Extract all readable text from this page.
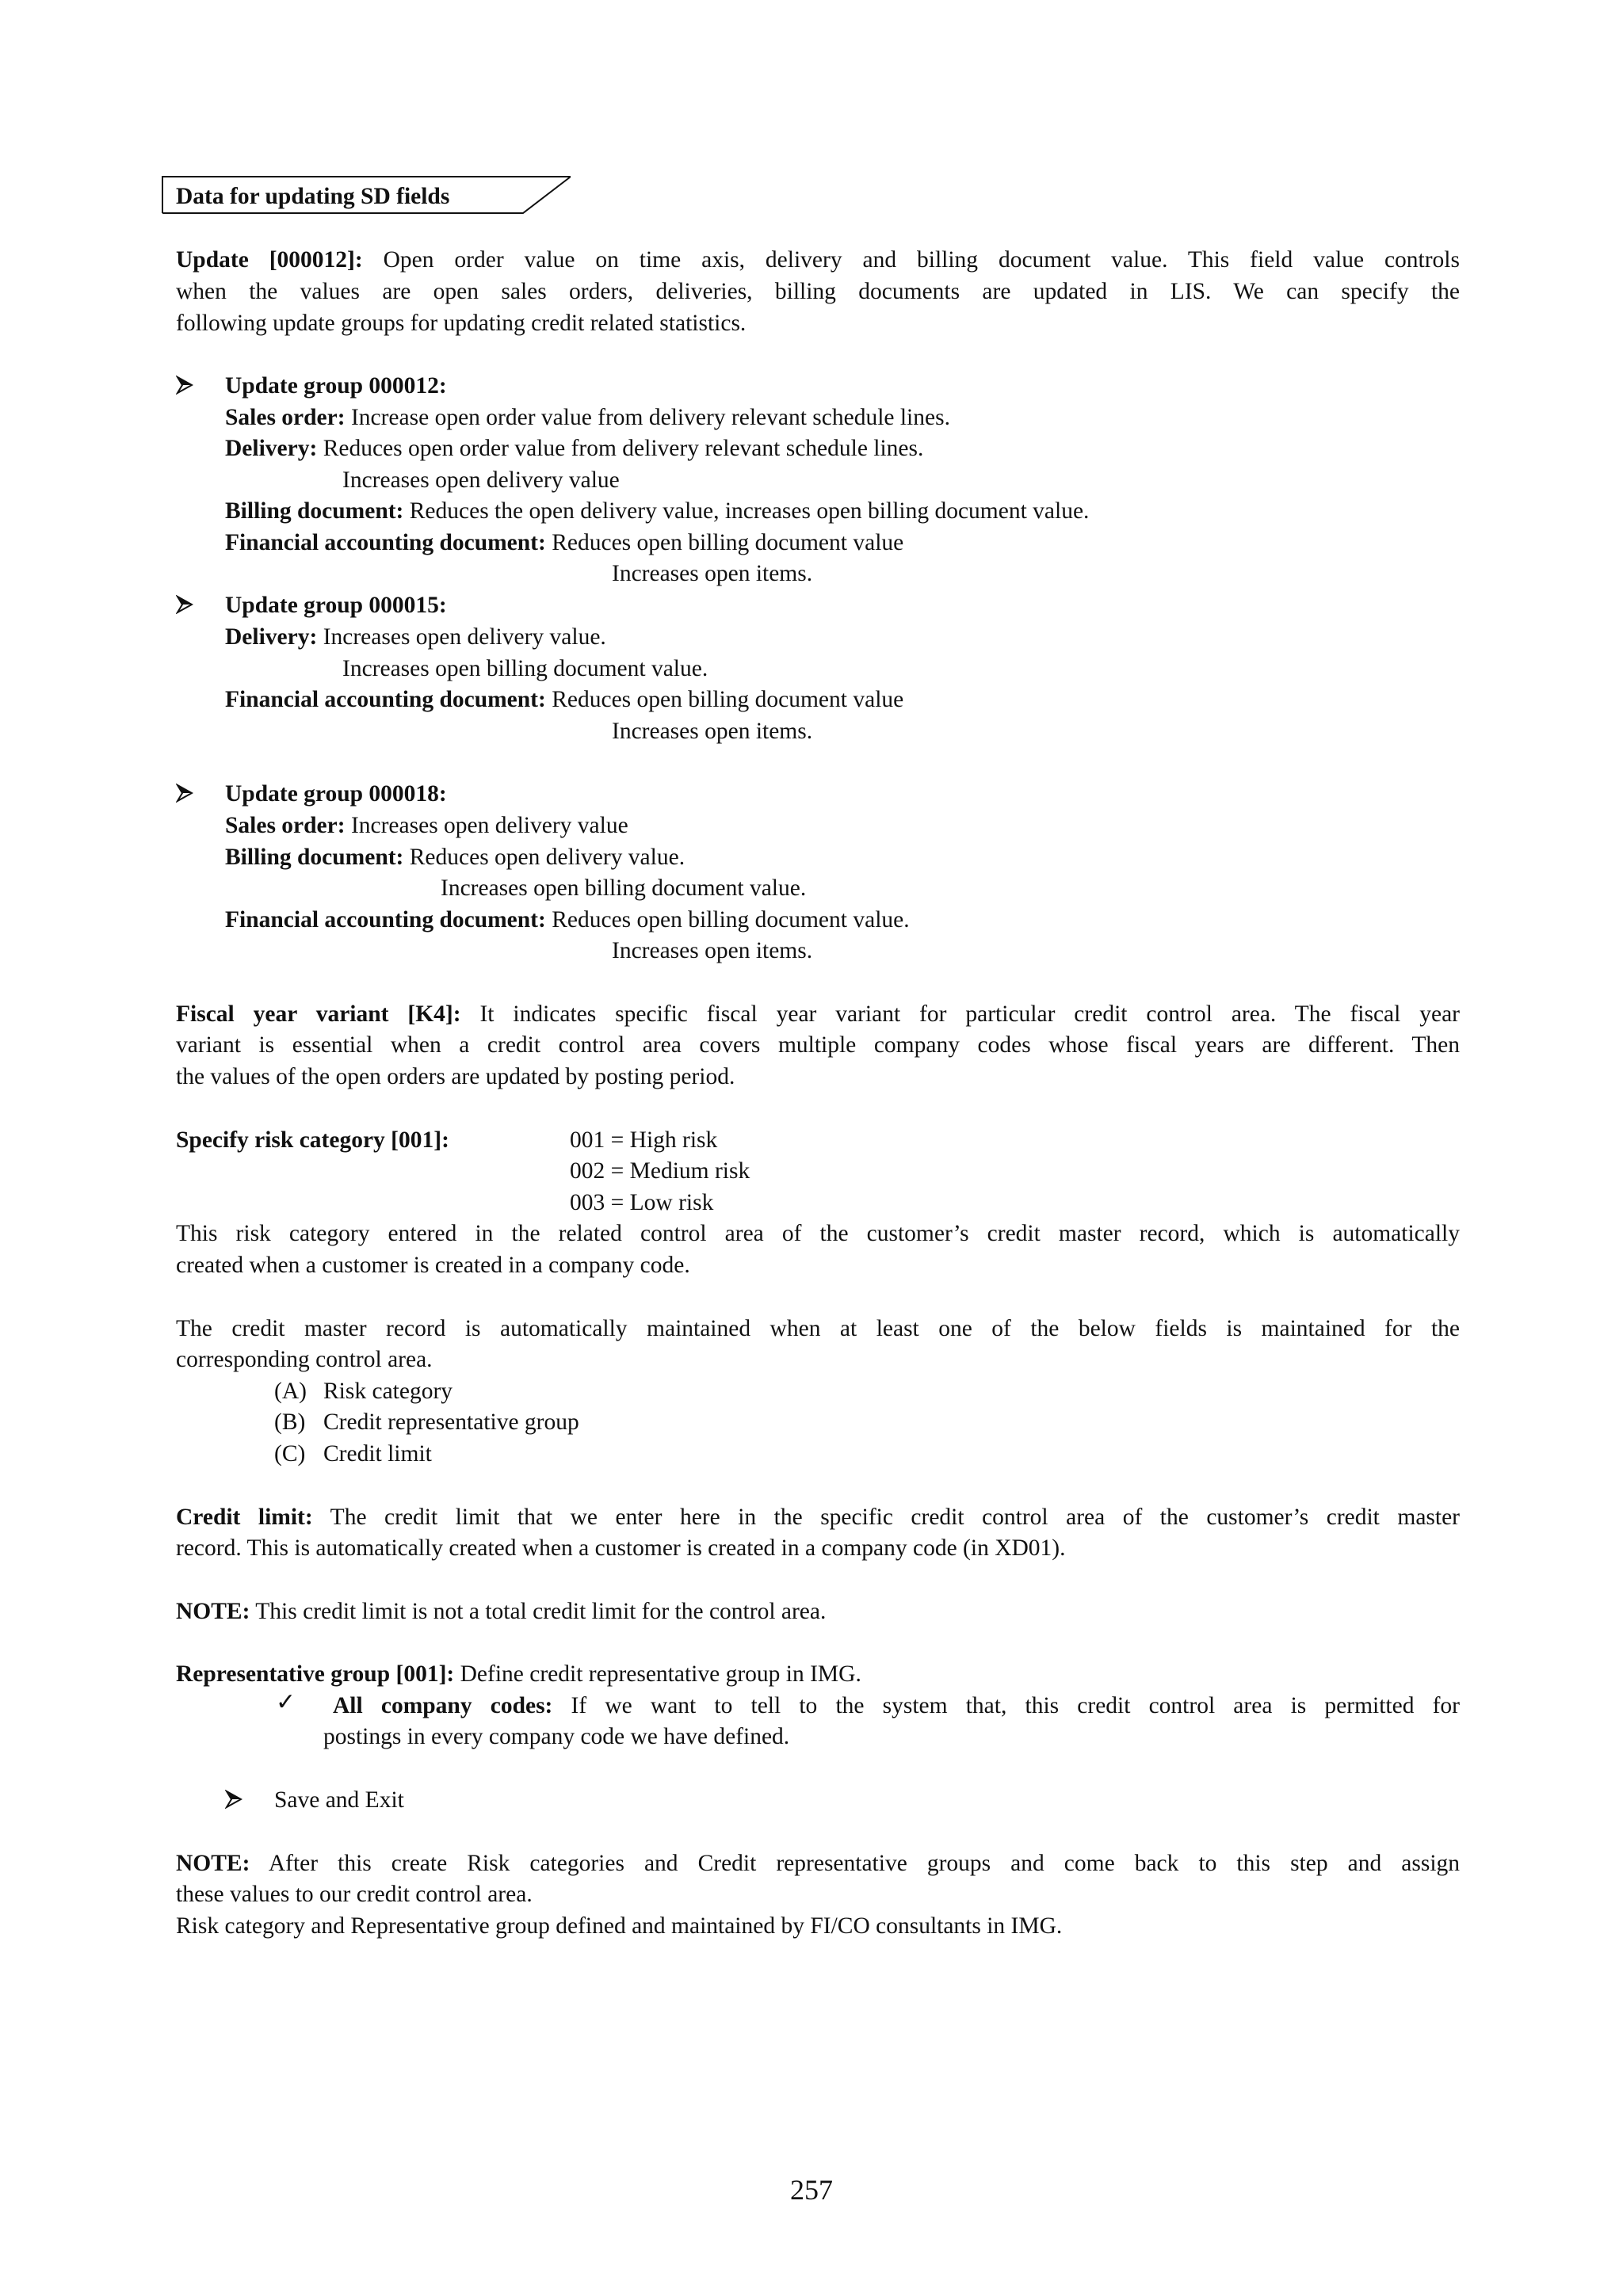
Data for updating SD fields
Update [000012]: Open order value on time axis, delivery and billing document value. This field value controls
when the values are open sales orders, deliveries, billing documents are updated in LIS. We can specify the
following update groups for updating credit related statistics.
Update group 000012:
Sales order: Increase open order value from delivery relevant schedule lines.
Delivery: Reduces open order value from delivery relevant schedule lines.
Increases open delivery value
Billing document: Reduces the open delivery value, increases open billing document value.
Financial accounting document: Reduces open billing document value
Increases open items.
Update group 000015:
Delivery: Increases open delivery value.
Increases open billing document value.
Financial accounting document: Reduces open billing document value
Increases open items.
Update group 000018:
Sales order: Increases open delivery value
Billing document: Reduces open delivery value.
Increases open billing document value.
Financial accounting document: Reduces open billing document value.
Increases open items.
Fiscal year variant [K4]: It indicates specific fiscal year variant for particular credit control area. The fiscal year
variant is essential when a credit control area covers multiple company codes whose fiscal years are different. Then
the values of the open orders are updated by posting period.
Specify risk category [001]:	001 = High risk
002 = Medium risk
003 = Low risk
This risk category entered in the related control area of the customer’s credit master record, which is automatically
created when a customer is created in a company code.
The credit master record is automatically maintained when at least one of the below fields is maintained for the
corresponding control area.
(A) Risk category
(B) Credit representative group
(C) Credit limit
Credit limit: The credit limit that we enter here in the specific credit control area of the customer’s credit master
record. This is automatically created when a customer is created in a company code (in XD01).
NOTE: This credit limit is not a total credit limit for the control area.
Representative group [001]: Define credit representative group in IMG.
✓ All company codes: If we want to tell to the system that, this credit control area is permitted for
postings in every company code we have defined.
Save and Exit
NOTE: After this create Risk categories and Credit representative groups and come back to this step and assign
these values to our credit control area.
Risk category and Representative group defined and maintained by FI/CO consultants in IMG.
257
